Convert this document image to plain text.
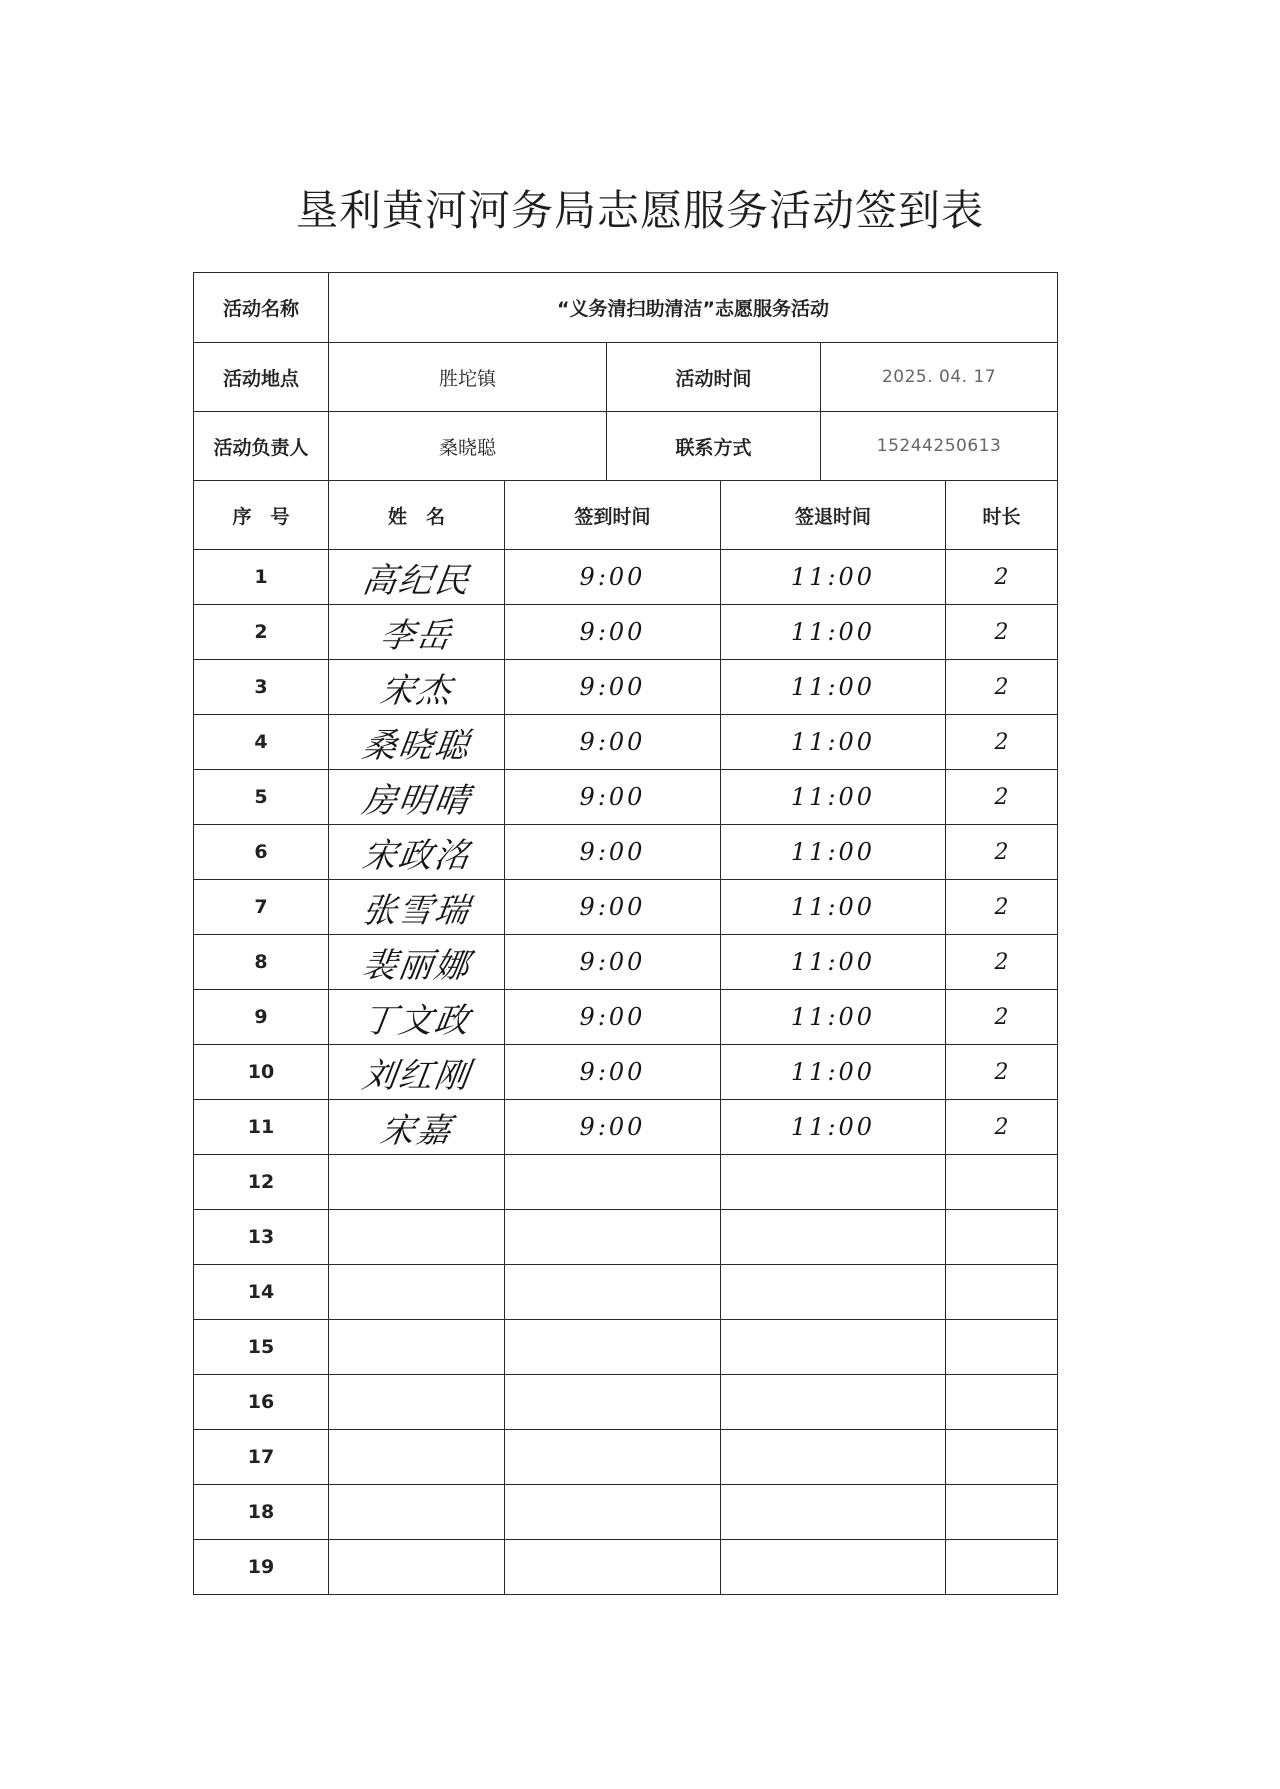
垦利黄河河务局志愿服务活动签到表
活动名称	“义务清扫助清洁”志愿服务活动					
活动地点	胜坨镇		活动时间		2025. 04. 17	
活动负责人	桑晓聪		联系方式		15244250613	
序　号	姓　名	签到时间		签退时间		时长
1	高纪民	9:00		11:00		2
2	李岳	9:00		11:00		2
3	宋杰	9:00		11:00		2
4	桑晓聪	9:00		11:00		2
5	房明晴	9:00		11:00		2
6	宋政洺	9:00		11:00		2
7	张雪瑞	9:00		11:00		2
8	裴丽娜	9:00		11:00		2
9	丁文政	9:00		11:00		2
10	刘红刚	9:00		11:00		2
11	宋嘉	9:00		11:00		2
12						
13						
14						
15						
16						
17						
18						
19						
